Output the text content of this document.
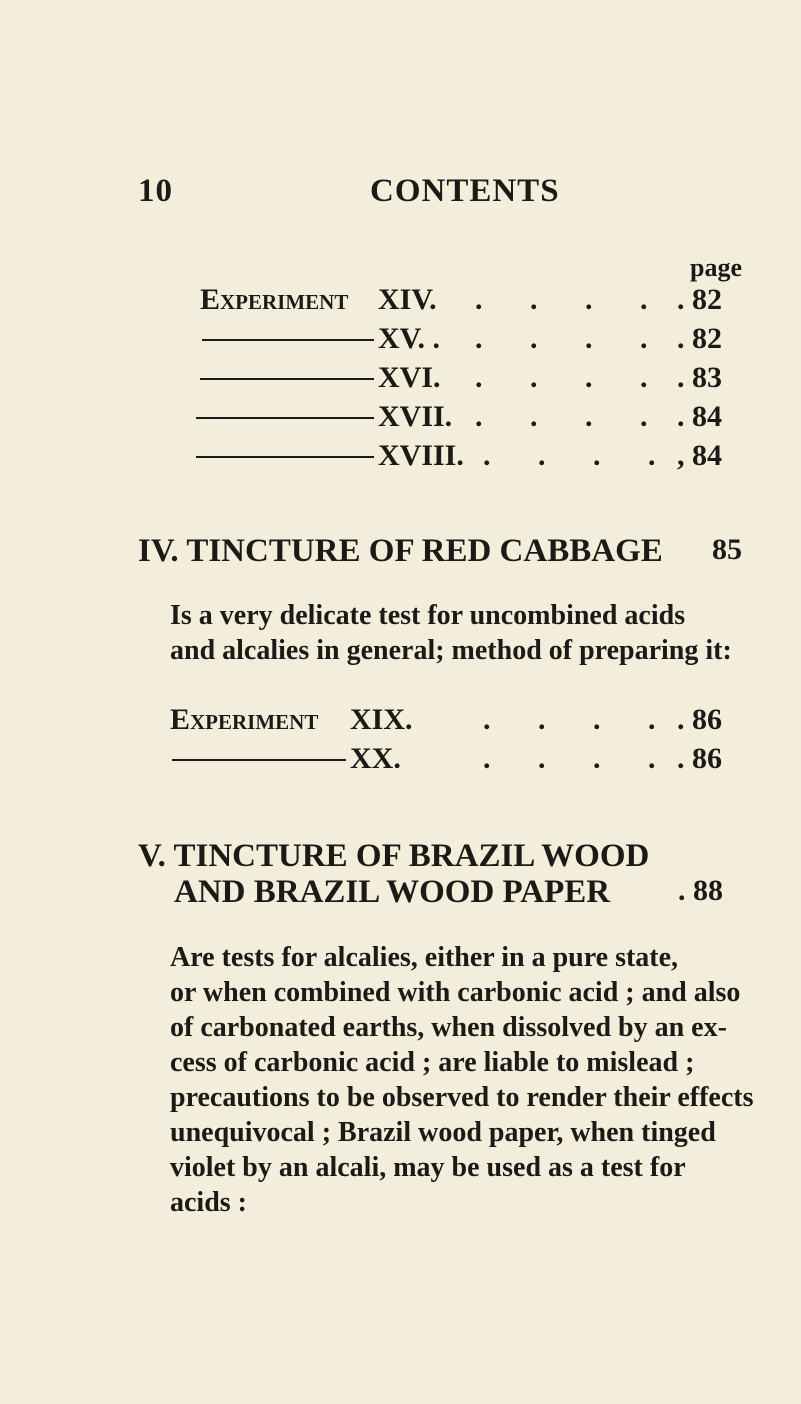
10	CONTENTS
page
Experiment XIV. . . . . . 82
XV. . . . . . . 82
XVI. . . . . . 83
XVII. . . . . . 84
XVIII. . . . . , 84
IV. TINCTURE OF RED CABBAGE 85
Is a very delicate test for uncombined acids
and alcalies in general; method of preparing it:
Experiment XIX. . . . . . 86
XX.	. . . . . 86
V. TINCTURE OF BRAZIL WOOD
AND BRAZIL WOOD PAPER . 88
Are tests for alcalies, either in a pure state,
or when combined with carbonic acid ; and also
of carbonated earths, when dissolved by an ex-
cess of carbonic acid ; are liable to mislead ;
precautions to be observed to render their effects
unequivocal ; Brazil wood paper, when tinged
violet by an alcali, may be used as a test for
acids :
